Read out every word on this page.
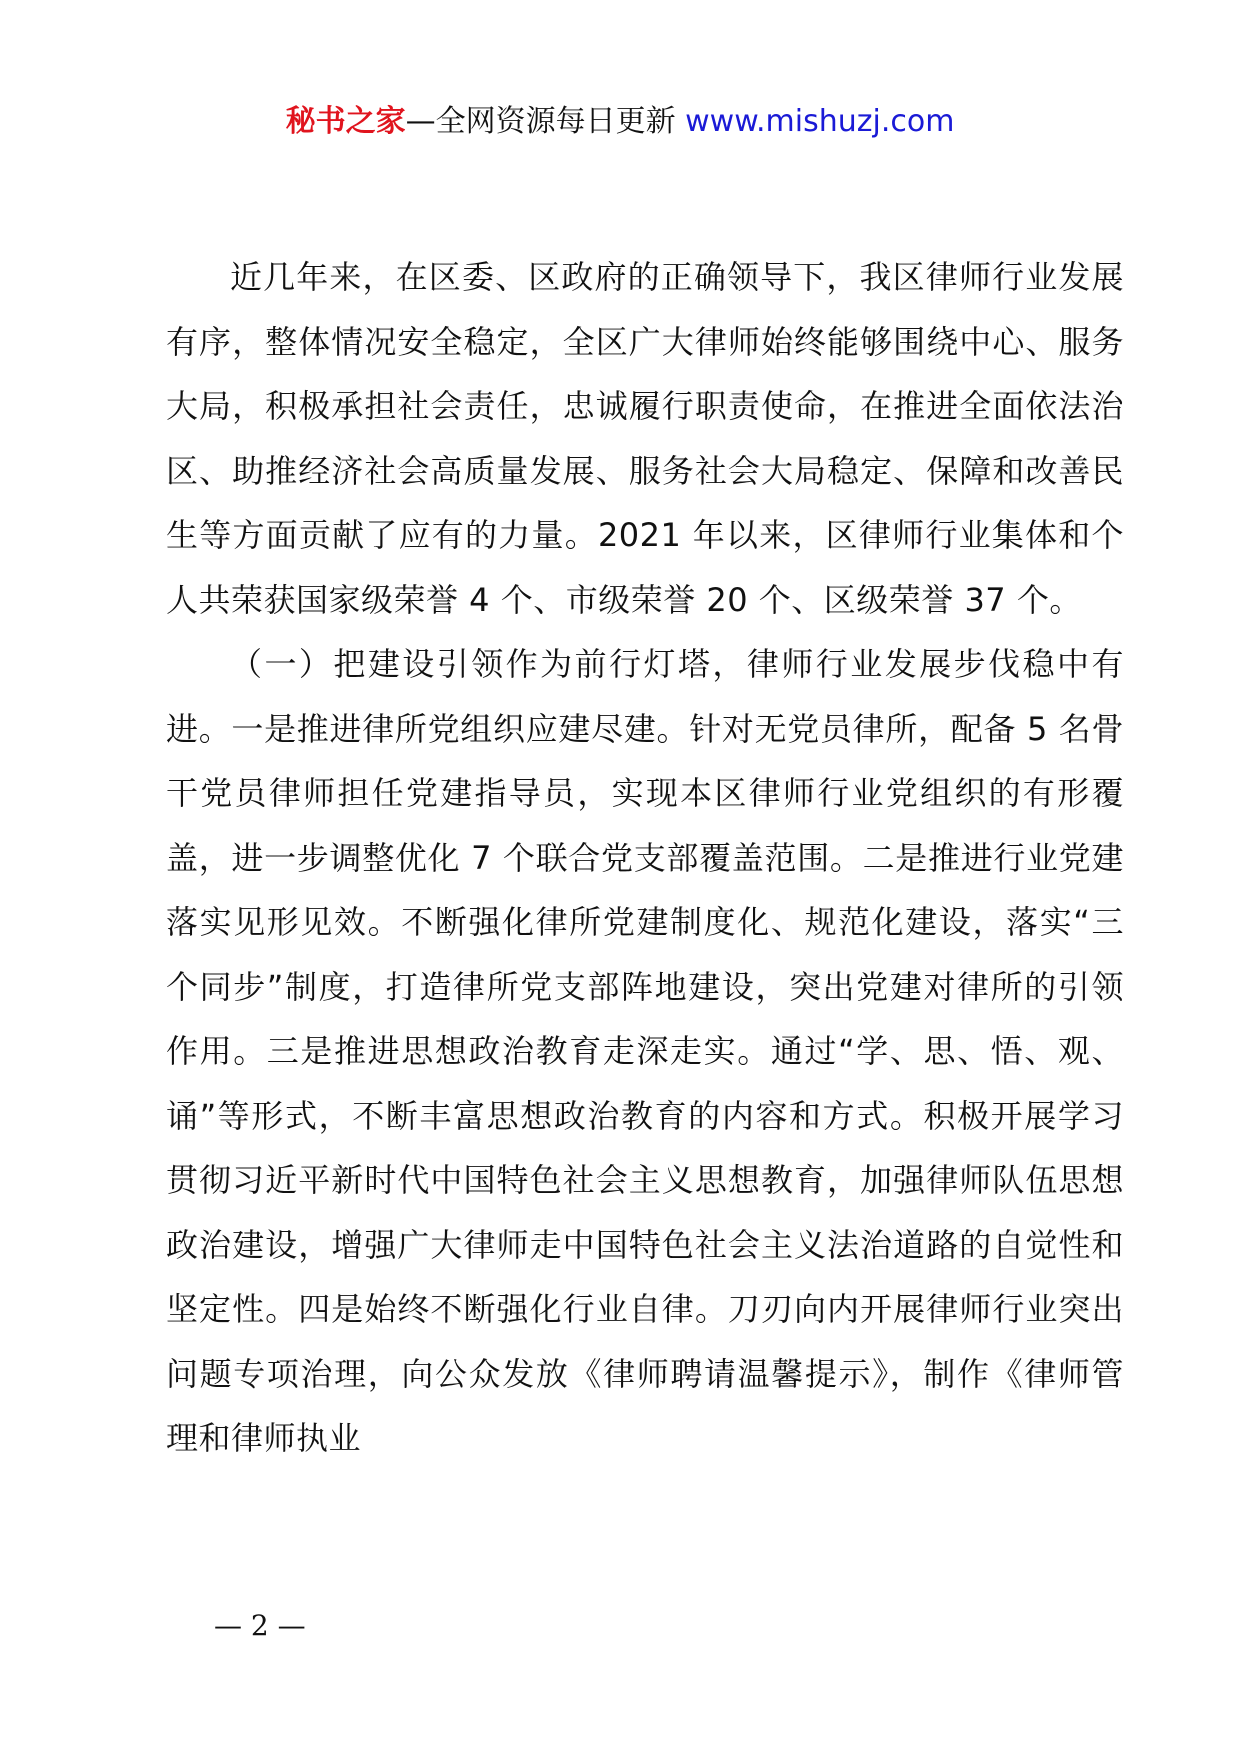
秘书之家—全网资源每日更新 www.mishuzj.com

近几年来，在区委、区政府的正确领导下，我区律师行业发展有序，整体情况安全稳定，全区广大律师始终能够围绕中心、服务大局，积极承担社会责任，忠诚履行职责使命，在推进全面依法治区、助推经济社会高质量发展、服务社会大局稳定、保障和改善民生等方面贡献了应有的力量。2021 年以来，区律师行业集体和个人共荣获国家级荣誉 4 个、市级荣誉 20 个、区级荣誉 37 个。

（一）把建设引领作为前行灯塔，律师行业发展步伐稳中有进。一是推进律所党组织应建尽建。针对无党员律所，配备 5 名骨干党员律师担任党建指导员，实现本区律师行业党组织的有形覆盖，进一步调整优化 7 个联合党支部覆盖范围。二是推进行业党建落实见形见效。不断强化律所党建制度化、规范化建设，落实“三个同步”制度，打造律所党支部阵地建设，突出党建对律所的引领作用。三是推进思想政治教育走深走实。通过“学、思、悟、观、诵”等形式，不断丰富思想政治教育的内容和方式。积极开展学习贯彻习近平新时代中国特色社会主义思想教育，加强律师队伍思想政治建设，增强广大律师走中国特色社会主义法治道路的自觉性和坚定性。四是始终不断强化行业自律。刀刃向内开展律师行业突出问题专项治理，向公众发放《律师聘请温馨提示》，制作《律师管理和律师执业

— 2 —
